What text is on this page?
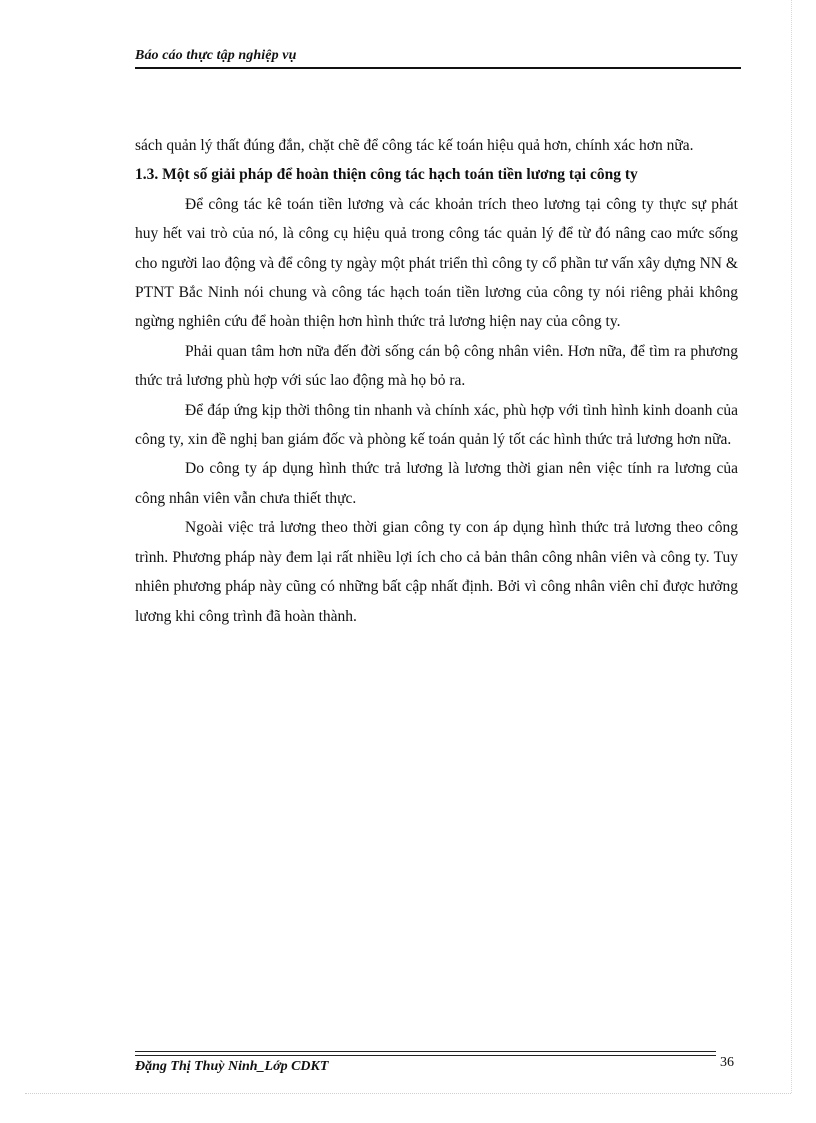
Báo cáo thực tập nghiệp vụ

sách quản lý thất đúng đắn, chặt chẽ để công tác kế toán hiệu quả hơn, chính xác hơn nữa.

1.3. Một số giải pháp để hoàn thiện công tác hạch toán tiền lương tại công ty

Để công tác kê toán tiền lương và các khoản trích theo lương tại công ty thực sự phát huy hết vai trò của nó, là công cụ hiệu quả trong công tác quản lý để từ đó nâng cao mức sống cho người lao động và để công ty ngày một phát triển thì công ty cổ phần tư vấn xây dựng NN & PTNT Bắc Ninh nói chung và công tác hạch toán tiền lương của công ty nói riêng phải không ngừng nghiên cứu để hoàn thiện hơn hình thức trả lương hiện nay của công ty.

Phải quan tâm hơn nữa đến đời sống cán bộ công nhân viên. Hơn nữa, để tìm ra phương thức trả lương phù hợp với súc lao động mà họ bỏ ra.

Để đáp ứng kịp thời thông tin nhanh và chính xác, phù hợp với tình hình kinh doanh của công ty, xin đề nghị ban giám đốc và phòng kế toán quản lý tốt các hình thức trả lương hơn nữa.

Do công ty áp dụng hình thức trả lương là lương thời gian nên việc tính ra lương của công nhân viên vẫn chưa thiết thực.

Ngoài việc trả lương theo thời gian công ty con áp dụng hình thức trả lương theo công trình. Phương pháp này đem lại rất nhiều lợi ích cho cả bản thân công nhân viên và công ty. Tuy nhiên phương pháp này cũng có những bất cập nhất định. Bởi vì công nhân viên chỉ được hưởng lương khi công trình đã hoàn thành.

Đặng Thị Thuỳ Ninh_Lớp CDKT	36
